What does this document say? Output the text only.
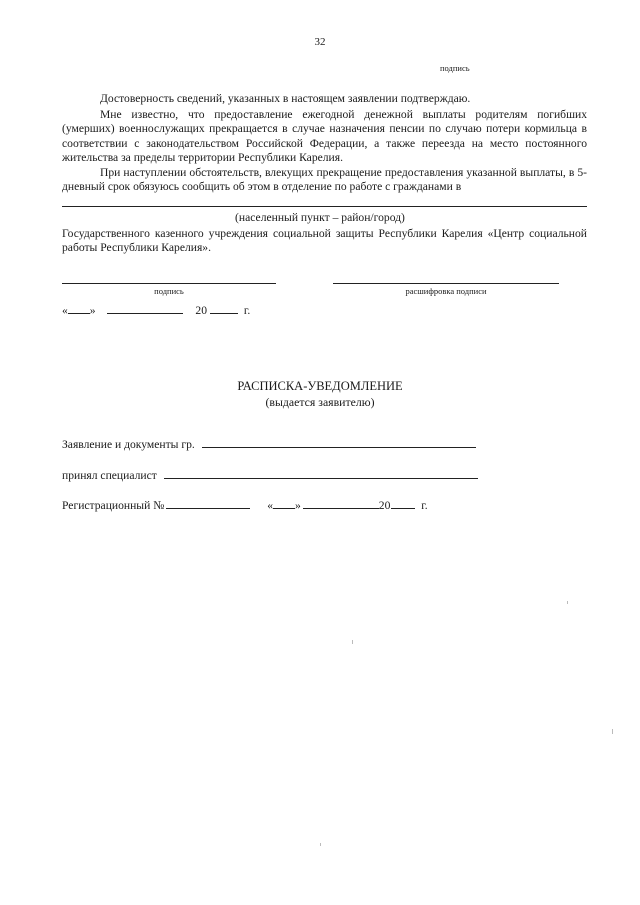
32
подпись
Достоверность сведений, указанных в настоящем заявлении подтверждаю.
Мне известно, что предоставление ежегодной денежной выплаты родителям погибших (умерших) военнослужащих прекращается в случае назначения пенсии по случаю потери кормильца в соответствии с законодательством Российской Федерации, а также переезда на место постоянного жительства за пределы территории Республики Карелия.
При наступлении обстоятельств, влекущих прекращение предоставления указанной выплаты, в 5-дневный срок обязуюсь сообщить об этом в отделение по работе с гражданами в
(населенный пункт – район/город)
Государственного казенного учреждения социальной защиты Республики Карелия «Центр социальной работы Республики Карелия».
подпись	расшифровка подписи
« »	20	г.
РАСПИСКА-УВЕДОМЛЕНИЕ
(выдается заявителю)
Заявление и документы гр.
принял специалист
Регистрационный №	« »	20	г.
